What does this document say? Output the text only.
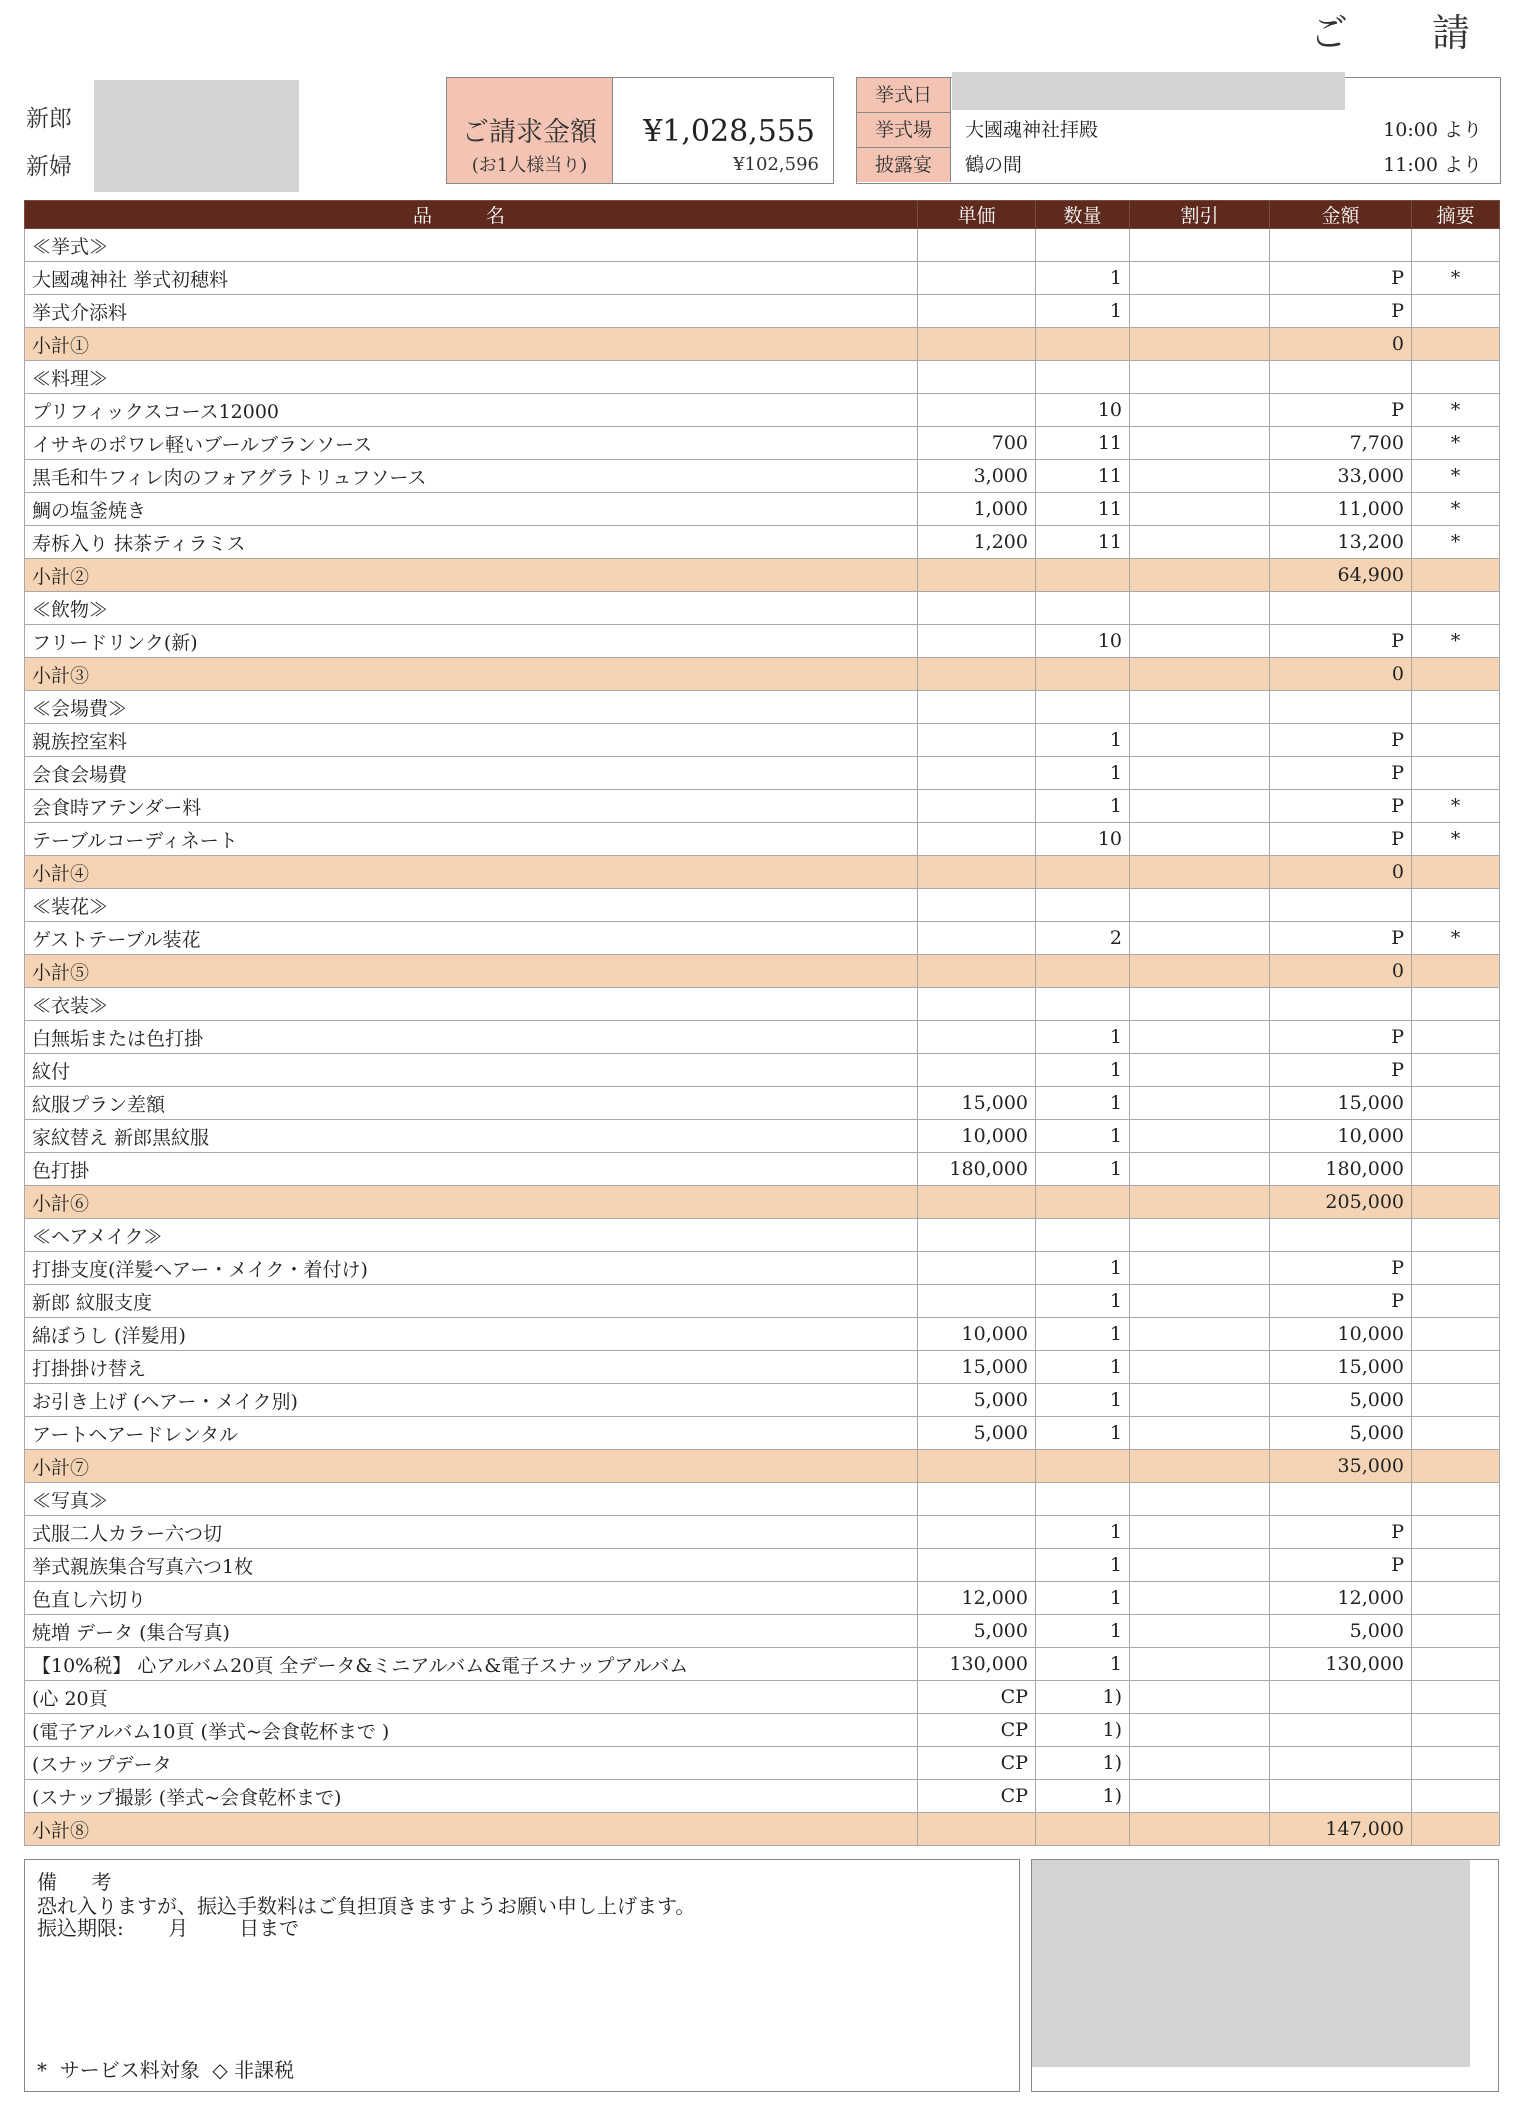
ご 請
新郎
新婦
ご請求金額
(お1人様当り)
¥1,028,555
¥102,596
挙式日
挙式場	大國魂神社拝殿	10:00 より
披露宴	鶴の間	11:00 より
品 名	単価	数量	割引	金額	摘要
≪挙式≫					
大國魂神社 挙式初穂料		1		P	*
挙式介添料		1		P	
小計①				0	
≪料理≫					
プリフィックスコース12000		10		P	*
イサキのポワレ軽いブールブランソース	700	11		7,700	*
黒毛和牛フィレ肉のフォアグラトリュフソース	3,000	11		33,000	*
鯛の塩釜焼き	1,000	11		11,000	*
寿柝入り 抹茶ティラミス	1,200	11		13,200	*
小計②				64,900	
≪飲物≫					
フリードリンク(新)		10		P	*
小計③				0	
≪会場費≫					
親族控室料		1		P	
会食会場費		1		P	
会食時アテンダー料		1		P	*
テーブルコーディネート		10		P	*
小計④				0	
≪装花≫					
ゲストテーブル装花		2		P	*
小計⑤				0	
≪衣装≫					
白無垢または色打掛		1		P	
紋付		1		P	
紋服プラン差額	15,000	1		15,000	
家紋替え 新郎黒紋服	10,000	1		10,000	
色打掛	180,000	1		180,000	
小計⑥				205,000	
≪ヘアメイク≫					
打掛支度(洋髪ヘアー・メイク・着付け)		1		P	
新郎 紋服支度		1		P	
綿ぼうし (洋髪用)	10,000	1		10,000	
打掛掛け替え	15,000	1		15,000	
お引き上げ (ヘアー・メイク別)	5,000	1		5,000	
アートヘアードレンタル	5,000	1		5,000	
小計⑦				35,000	
≪写真≫					
式服二人カラー六つ切		1		P	
挙式親族集合写真六つ1枚		1		P	
色直し六切り	12,000	1		12,000	
焼増 データ (集合写真)	5,000	1		5,000	
【10%税】 心アルバム20頁 全データ&ミニアルバム&電子スナップアルバム	130,000	1		130,000	
(心 20頁	CP	1)			
(電子アルバム10頁 (挙式~会食乾杯まで )	CP	1)			
(スナップデータ	CP	1)			
(スナップ撮影 (挙式~会食乾杯まで)	CP	1)			
小計⑧				147,000	
備 考
恐れ入りますが、振込手数料はご負担頂きますようお願い申し上げます。
振込期限:       月        日まで
*  サービス料対象  ◇ 非課税
